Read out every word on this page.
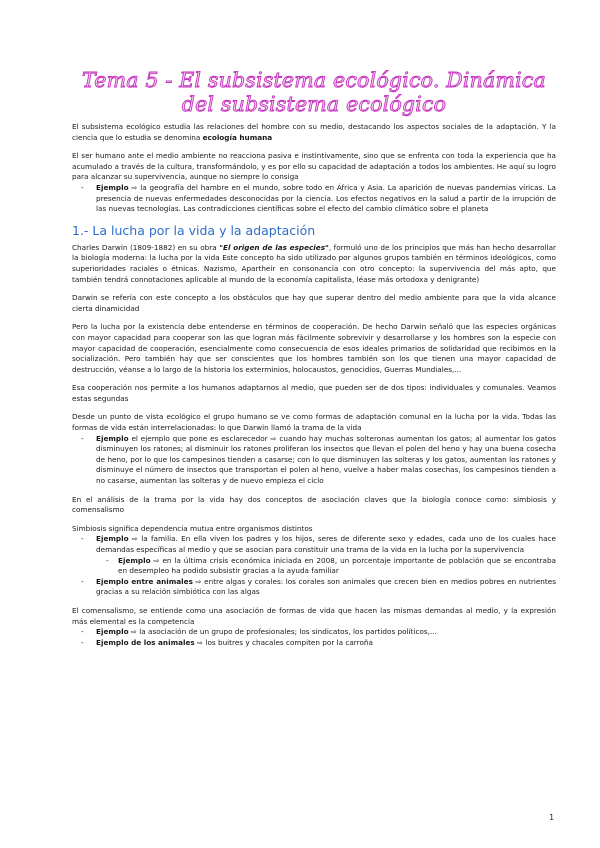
Tema 5 - El subsistema ecológico. Dinámica del subsistema ecológico

El subsistema ecológico estudia las relaciones del hombre con su medio, destacando los aspectos sociales de la adaptación. Y la ciencia que lo estudia se denomina ecología humana

El ser humano ante el medio ambiente no reacciona pasiva e instintivamente, sino que se enfrenta con toda la experiencia que ha acumulado a través de la cultura, transformándolo, y es por ello su capacidad de adaptación a todos los ambientes. He aquí su logro para alcanzar su supervivencia, aunque no siempre lo consiga

- Ejemplo ⇨ la geografía del hambre en el mundo, sobre todo en África y Asia. La aparición de nuevas pandemias víricas. La presencia de nuevas enfermedades desconocidas por la ciencia. Los efectos negativos en la salud a partir de la irrupción de las nuevas tecnologías. Las contradicciones científicas sobre el efecto del cambio climático sobre el planeta
1.- La lucha por la vida y la adaptación

Charles Darwin (1809-1882) en su obra "El origen de las especies", formuló uno de los principios que más han hecho desarrollar la biología moderna: la lucha por la vida Este concepto ha sido utilizado por algunos grupos también en términos ideológicos, como superioridades raciales o étnicas. Nazismo, Apartheir en consonancia con otro concepto: la supervivencia del más apto, que también tendrá connotaciones aplicable al mundo de la economía capitalista, léase más ortodoxa y denigrante)

Darwin se refería con este concepto a los obstáculos que hay que superar dentro del medio ambiente para que la vida alcance cierta dinamicidad

Pero la lucha por la existencia debe entenderse en términos de cooperación. De hecho Darwin señaló que las especies orgánicas con mayor capacidad para cooperar son las que logran más fácilmente sobrevivir y desarrollarse y los hombres son la especie con mayor capacidad de cooperación, esencialmente como consecuencia de esos ideales primarios de solidaridad que recibimos en la socialización. Pero también hay que ser conscientes que los hombres también son los que tienen una mayor capacidad de destrucción, véanse a lo largo de la historia los exterminios, holocaustos, genocidios, Guerras Mundiales,...

Esa cooperación nos permite a los humanos adaptarnos al medio, que pueden ser de dos tipos: individuales y comunales. Veamos estas segundas

Desde un punto de vista ecológico el grupo humano se ve como formas de adaptación comunal en la lucha por la vida. Todas las formas de vida están interrelacionadas: lo que Darwin llamó la trama de la vida

- Ejemplo el ejemplo que pone es esclarecedor ⇨ cuando hay muchas solteronas aumentan los gatos; al aumentar los gatos disminuyen los ratones; al disminuir los ratones proliferan los insectos que llevan el polen del heno y hay una buena cosecha de heno, por lo que los campesinos tienden a casarse; con lo que disminuyen las solteras y los gatos, aumentan los ratones y disminuye el número de insectos que transportan el polen al heno, vuelve a haber malas cosechas, los campesinos tienden a no casarse, aumentan las solteras y de nuevo empieza el ciclo

En el análisis de la trama por la vida hay dos conceptos de asociación claves que la biología conoce como: simbiosis y comensalismo

Simbiosis significa dependencia mutua entre organismos distintos

- Ejemplo ⇨ la familia. En ella viven los padres y los hijos, seres de diferente sexo y edades, cada uno de los cuales hace demandas específicas al medio y que se asocian para constituir una trama de la vida en la lucha por la supervivencia
- Ejemplo ⇨ en la última crisis económica iniciada en 2008, un porcentaje importante de población que se encontraba en desempleo ha podido subsistir gracias a la ayuda familiar
- Ejemplo entre animales ⇨ entre algas y corales: los corales son animales que crecen bien en medios pobres en nutrientes gracias a su relación simbiótica con las algas

El comensalismo, se entiende como una asociación de formas de vida que hacen las mismas demandas al medio, y la expresión más elemental es la competencia

- Ejemplo ⇨ la asociación de un grupo de profesionales; los sindicatos, los partidos políticos,...
- Ejemplo de los animales ⇨ los buitres y chacales compiten por la carroña
1
